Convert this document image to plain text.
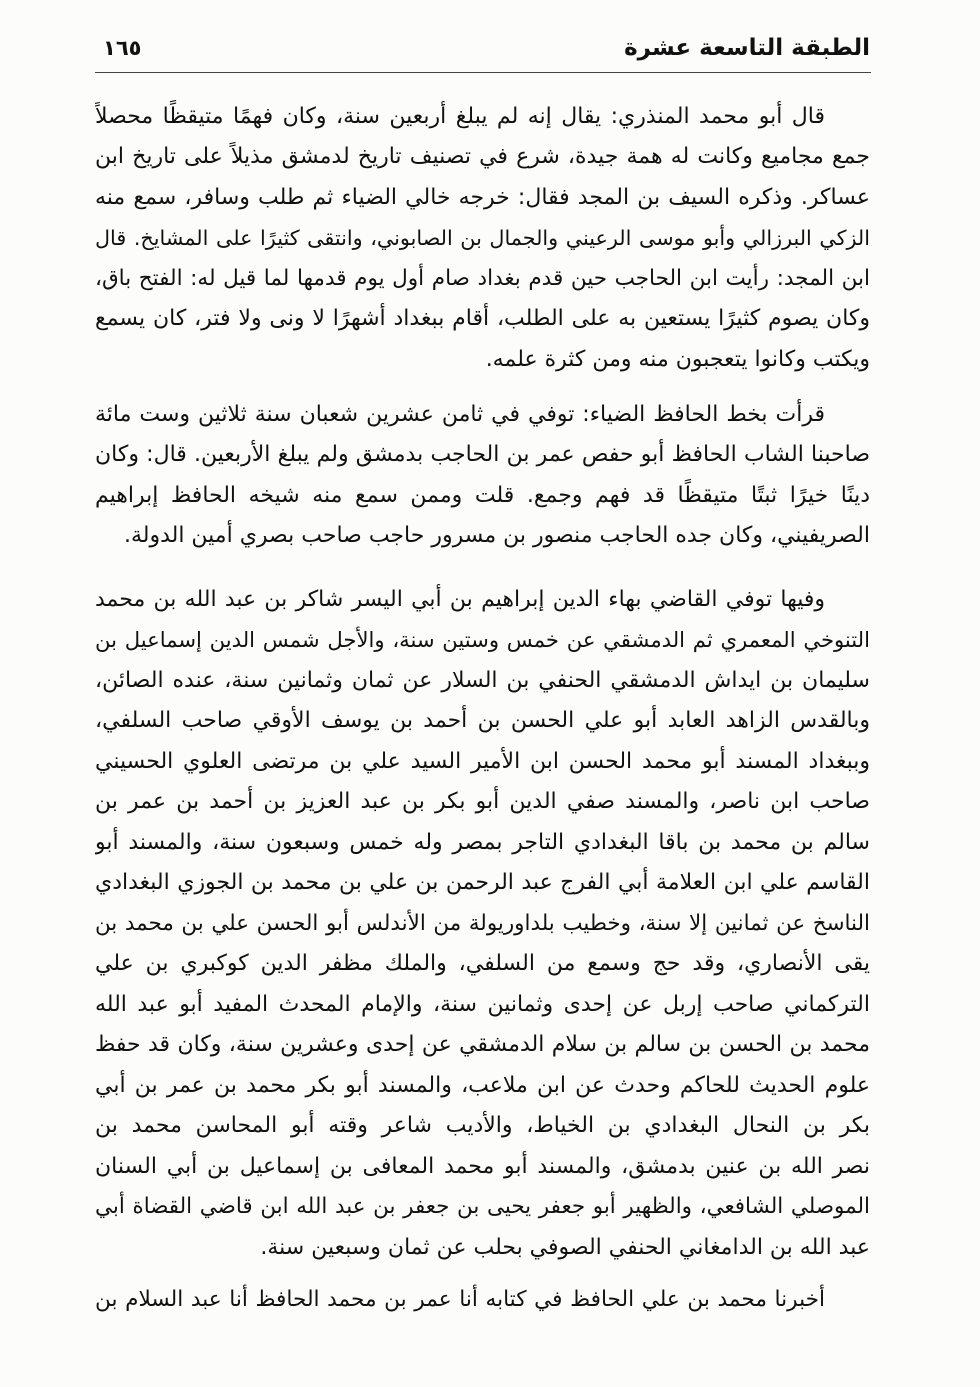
الطبقة التاسعة عشرة
١٦٥
قال أبو محمد المنذري: يقال إنه لم يبلغ أربعين سنة، وكان فهمًا متيقظًا محصلاً
جمع مجاميع وكانت له همة جيدة، شرع في تصنيف تاريخ لدمشق مذيلاً على تاريخ ابن
عساكر. وذكره السيف بن المجد فقال: خرجه خالي الضياء ثم طلب وسافر، سمع منه
الزكي البرزالي وأبو موسى الرعيني والجمال بن الصابوني، وانتقى كثيرًا على المشايخ. قال
ابن المجد: رأيت ابن الحاجب حين قدم بغداد صام أول يوم قدمها لما قيل له: الفتح باق،
وكان يصوم كثيرًا يستعين به على الطلب، أقام ببغداد أشهرًا لا ونى ولا فتر، كان يسمع
ويكتب وكانوا يتعجبون منه ومن كثرة علمه.
قرأت بخط الحافظ الضياء: توفي في ثامن عشرين شعبان سنة ثلاثين وست مائة
صاحبنا الشاب الحافظ أبو حفص عمر بن الحاجب بدمشق ولم يبلغ الأربعين. قال: وكان
دينًا خيرًا ثبتًا متيقظًا قد فهم وجمع. قلت وممن سمع منه شيخه الحافظ إبراهيم
الصريفيني، وكان جده الحاجب منصور بن مسرور حاجب صاحب بصري أمين الدولة.
وفيها توفي القاضي بهاء الدين إبراهيم بن أبي اليسر شاكر بن عبد الله بن محمد
التنوخي المعمري ثم الدمشقي عن خمس وستين سنة، والأجل شمس الدين إسماعيل بن
سليمان بن ايداش الدمشقي الحنفي بن السلار عن ثمان وثمانين سنة، عنده الصائن،
وبالقدس الزاهد العابد أبو علي الحسن بن أحمد بن يوسف الأوقي صاحب السلفي،
وببغداد المسند أبو محمد الحسن ابن الأمير السيد علي بن مرتضى العلوي الحسيني
صاحب ابن ناصر، والمسند صفي الدين أبو بكر بن عبد العزيز بن أحمد بن عمر بن
سالم بن محمد بن باقا البغدادي التاجر بمصر وله خمس وسبعون سنة، والمسند أبو
القاسم علي ابن العلامة أبي الفرج عبد الرحمن بن علي بن محمد بن الجوزي البغدادي
الناسخ عن ثمانين إلا سنة، وخطيب بلداوريولة من الأندلس أبو الحسن علي بن محمد بن
يقى الأنصاري، وقد حج وسمع من السلفي، والملك مظفر الدين كوكبري بن علي
التركماني صاحب إربل عن إحدى وثمانين سنة، والإمام المحدث المفيد أبو عبد الله
محمد بن الحسن بن سالم بن سلام الدمشقي عن إحدى وعشرين سنة، وكان قد حفظ
علوم الحديث للحاكم وحدث عن ابن ملاعب، والمسند أبو بكر محمد بن عمر بن أبي
بكر بن النحال البغدادي بن الخياط، والأديب شاعر وقته أبو المحاسن محمد بن
نصر الله بن عنين بدمشق، والمسند أبو محمد المعافى بن إسماعيل بن أبي السنان
الموصلي الشافعي، والظهير أبو جعفر يحيى بن جعفر بن عبد الله ابن قاضي القضاة أبي
عبد الله بن الدامغاني الحنفي الصوفي بحلب عن ثمان وسبعين سنة.
أخبرنا محمد بن علي الحافظ في كتابه أنا عمر بن محمد الحافظ أنا عبد السلام بن
